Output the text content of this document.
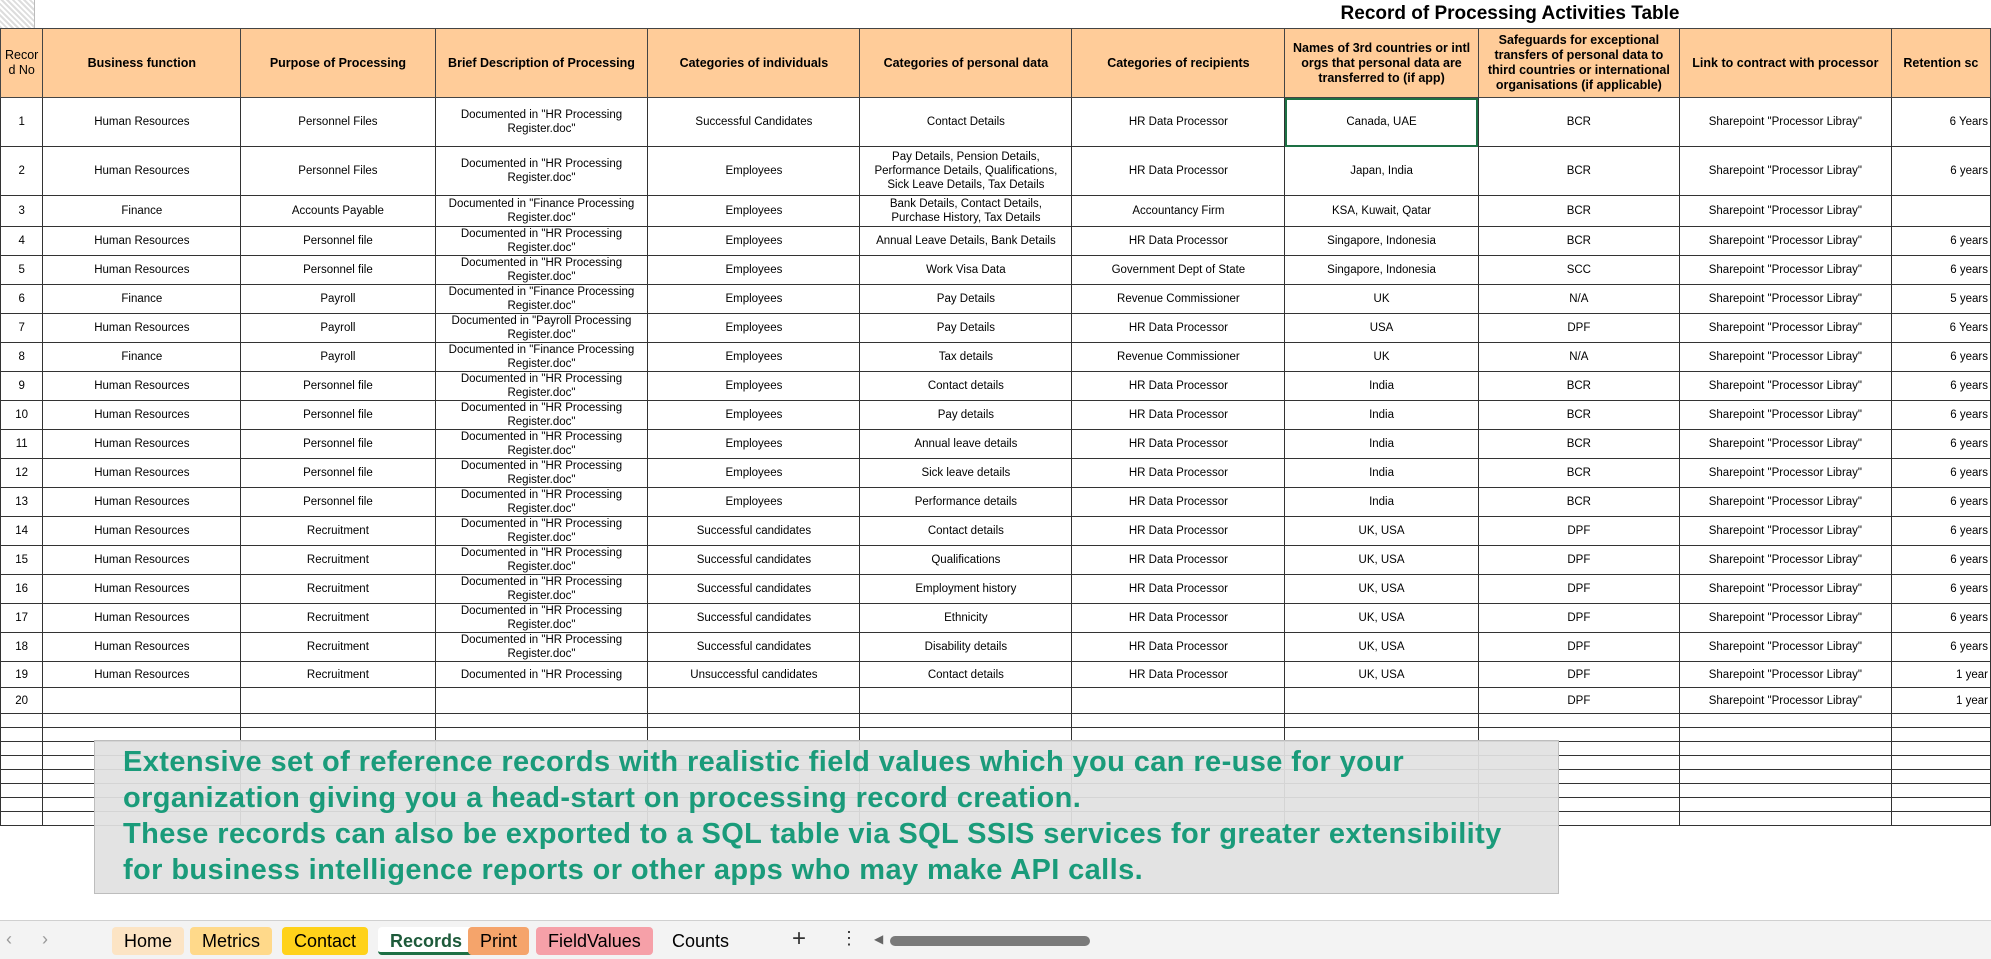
Record of Processing Activities Table
Recor d No	Business function	Purpose of Processing	Brief Description of Processing	Categories of individuals	Categories of personal data	Categories of recipients	Names of 3rd countries or intl orgs that personal data are transferred to (if app)	Safeguards for exceptional transfers of personal data to third countries or international organisations (if applicable)	Link to contract with processor	Retention sc
1	Human Resources	Personnel Files	Documented in "HR Processing Register.doc"	Successful Candidates	Contact Details	HR Data Processor	Canada, UAE	BCR	Sharepoint "Processor Libray"	6 Years
2	Human Resources	Personnel Files	Documented in "HR Processing Register.doc"	Employees	Pay Details, Pension Details, Performance Details, Qualifications, Sick Leave Details, Tax Details	HR Data Processor	Japan, India	BCR	Sharepoint "Processor Libray"	6 years
3	Finance	Accounts Payable	Documented in "Finance Processing Register.doc"	Employees	Bank Details, Contact Details, Purchase History, Tax Details	Accountancy Firm	KSA, Kuwait, Qatar	BCR	Sharepoint "Processor Libray"	
4	Human Resources	Personnel file	Documented in "HR Processing Register.doc"	Employees	Annual Leave Details, Bank Details	HR Data Processor	Singapore, Indonesia	BCR	Sharepoint "Processor Libray"	6 years
5	Human Resources	Personnel file	Documented in "HR Processing Register.doc"	Employees	Work Visa Data	Government Dept of State	Singapore, Indonesia	SCC	Sharepoint "Processor Libray"	6 years
6	Finance	Payroll	Documented in "Finance Processing Register.doc"	Employees	Pay Details	Revenue Commissioner	UK	N/A	Sharepoint "Processor Libray"	5 years
7	Human Resources	Payroll	Documented in "Payroll Processing Register.doc"	Employees	Pay Details	HR Data Processor	USA	DPF	Sharepoint "Processor Libray"	6 Years
8	Finance	Payroll	Documented in "Finance Processing Register.doc"	Employees	Tax details	Revenue Commissioner	UK	N/A	Sharepoint "Processor Libray"	6 years
9	Human Resources	Personnel file	Documented in "HR Processing Register.doc"	Employees	Contact details	HR Data Processor	India	BCR	Sharepoint "Processor Libray"	6 years
10	Human Resources	Personnel file	Documented in "HR Processing Register.doc"	Employees	Pay details	HR Data Processor	India	BCR	Sharepoint "Processor Libray"	6 years
11	Human Resources	Personnel file	Documented in "HR Processing Register.doc"	Employees	Annual leave details	HR Data Processor	India	BCR	Sharepoint "Processor Libray"	6 years
12	Human Resources	Personnel file	Documented in "HR Processing Register.doc"	Employees	Sick leave details	HR Data Processor	India	BCR	Sharepoint "Processor Libray"	6 years
13	Human Resources	Personnel file	Documented in "HR Processing Register.doc"	Employees	Performance details	HR Data Processor	India	BCR	Sharepoint "Processor Libray"	6 years
14	Human Resources	Recruitment	Documented in "HR Processing Register.doc"	Successful candidates	Contact details	HR Data Processor	UK, USA	DPF	Sharepoint "Processor Libray"	6 years
15	Human Resources	Recruitment	Documented in "HR Processing Register.doc"	Successful candidates	Qualifications	HR Data Processor	UK, USA	DPF	Sharepoint "Processor Libray"	6 years
16	Human Resources	Recruitment	Documented in "HR Processing Register.doc"	Successful candidates	Employment history	HR Data Processor	UK, USA	DPF	Sharepoint "Processor Libray"	6 years
17	Human Resources	Recruitment	Documented in "HR Processing Register.doc"	Successful candidates	Ethnicity	HR Data Processor	UK, USA	DPF	Sharepoint "Processor Libray"	6 years
18	Human Resources	Recruitment	Documented in "HR Processing Register.doc"	Successful candidates	Disability details	HR Data Processor	UK, USA	DPF	Sharepoint "Processor Libray"	6 years
19	Human Resources	Recruitment	Documented in "HR Processing	Unsuccessful candidates	Contact details	HR Data Processor	UK, USA	DPF	Sharepoint "Processor Libray"	1 year
20								DPF	Sharepoint "Processor Libray"	1 year

Extensive set of reference records with realistic field values which you can re-use for your

organization giving you a head-start on processing record creation.

These records can also be exported to a SQL table via SQL SSIS services for greater extensibility

for business intelligence reports or other apps who may make API calls.

‹ ›	Home	Metrics	Contact	Records Print	FieldValues	Counts	+ ⋮ ◀
